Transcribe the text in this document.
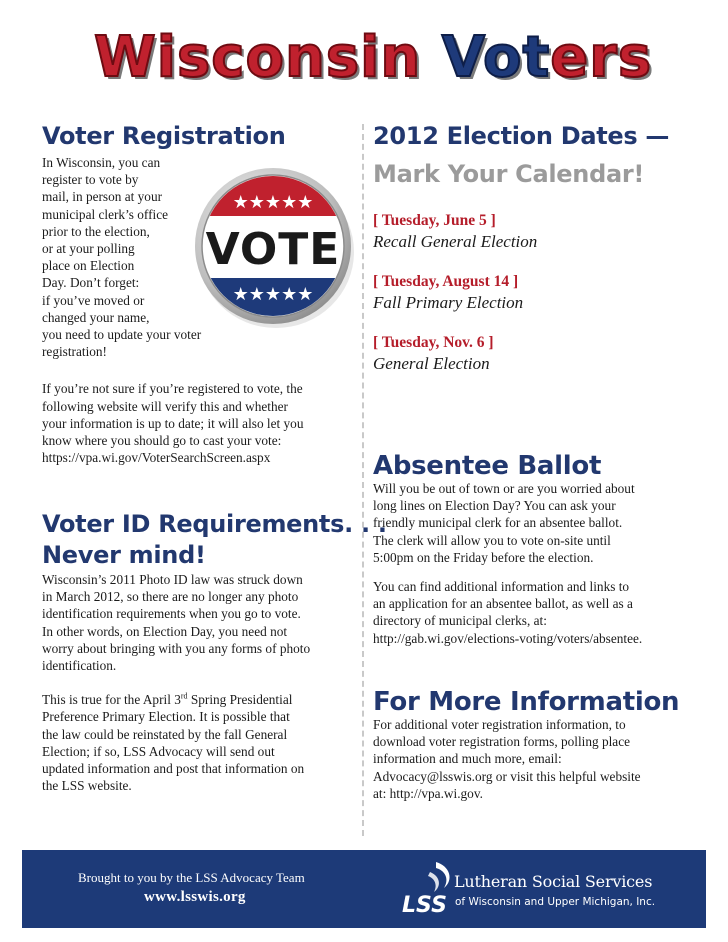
Wisconsin Voters
Voter Registration

In Wisconsin, you can

register to vote by

mail, in person at your

municipal clerk’s office

prior to the election,

or at your polling

place on Election

Day. Don’t forget:

if you’ve moved or

changed your name,

you need to update your voter

registration!

If you’re not sure if you’re registered to vote, the

following website will verify this and whether

your information is up to date; it will also let you

know where you should go to cast your vote:

https://vpa.wi.gov/VoterSearchScreen.aspx

★★★★★
★★★★★
VOTE
2012 Election Dates —
Mark Your Calendar!
[ Tuesday, June 5 ]
Recall General Election
[ Tuesday, August 14 ]
Fall Primary Election
[ Tuesday, Nov. 6 ]
General Election
Absentee Ballot

Will you be out of town or are you worried about

long lines on Election Day? You can ask your

friendly municipal clerk for an absentee ballot.

The clerk will allow you to vote on-site until

5:00pm on the Friday before the election.

You can find additional information and links to

an application for an absentee ballot, as well as a

directory of municipal clerks, at:

http://gab.wi.gov/elections-voting/voters/absentee.

Voter ID Requirements. . .
Never mind!

Wisconsin’s 2011 Photo ID law was struck down

in March 2012, so there are no longer any photo

identification requirements when you go to vote.

In other words, on Election Day, you need not

worry about bringing with you any forms of photo

identification.

This is true for the April 3rd Spring Presidential

Preference Primary Election. It is possible that

the law could be reinstated by the fall General

Election; if so, LSS Advocacy will send out

updated information and post that information on

the LSS website.

For More Information

For additional voter registration information, to

download voter registration forms, polling place

information and much more, email:

Advocacy@lsswis.org or visit this helpful website

at: http://vpa.wi.gov.

Brought to you by the LSS Advocacy Team
www.lsswis.org	LSS
Lutheran Social Services
of Wisconsin and Upper Michigan, Inc.
